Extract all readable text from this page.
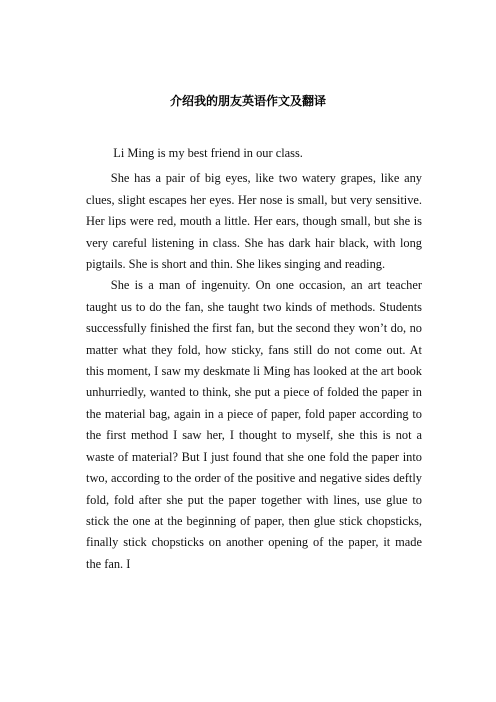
介绍我的朋友英语作文及翻译

Li Ming is my best friend in our class.

She has a pair of big eyes, like two watery grapes, like any clues, slight escapes her eyes. Her nose is small, but very sensitive. Her lips were red, mouth a little. Her ears, though small, but she is very careful listening in class. She has dark hair black, with long pigtails. She is short and thin. She likes singing and reading.

She is a man of ingenuity. On one occasion, an art teacher taught us to do the fan, she taught two kinds of methods. Students successfully finished the first fan, but the second they won’t do, no matter what they fold, how sticky, fans still do not come out. At this moment, I saw my deskmate li Ming has looked at the art book unhurriedly, wanted to think, she put a piece of folded the paper in the material bag, again in a piece of paper, fold paper according to the first method I saw her, I thought to myself, she this is not a waste of material? But I just found that she one fold the paper into two, according to the order of the positive and negative sides deftly fold, fold after she put the paper together with lines, use glue to stick the one at the beginning of paper, then glue stick chopsticks, finally stick chopsticks on another opening of the paper, it made the fan. I
